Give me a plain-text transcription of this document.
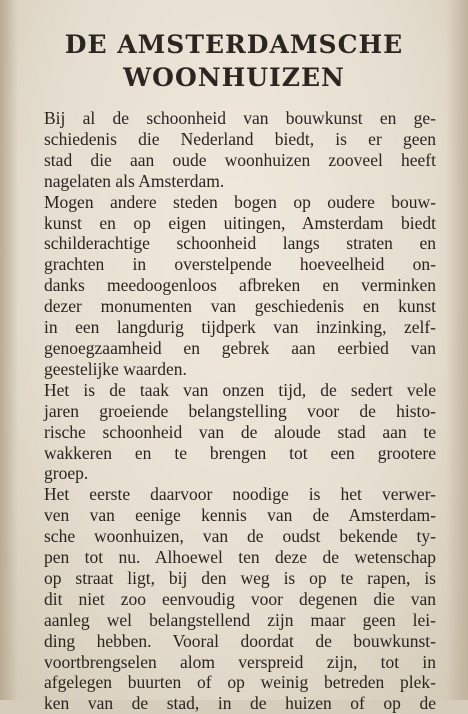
DE AMSTERDAMSCHE
WOONHUIZEN
Bij al de schoonheid van bouwkunst en ge-
schiedenis die Nederland biedt, is er geen
stad die aan oude woonhuizen zooveel heeft
nagelaten als Amsterdam.
Mogen andere steden bogen op oudere bouw-
kunst en op eigen uitingen, Amsterdam biedt
schilderachtige schoonheid langs straten en
grachten in overstelpende hoeveelheid on-
danks meedoogenloos afbreken en verminken
dezer monumenten van geschiedenis en kunst
in een langdurig tijdperk van inzinking, zelf-
genoegzaamheid en gebrek aan eerbied van
geestelijke waarden.
Het is de taak van onzen tijd, de sedert vele
jaren groeiende belangstelling voor de histo-
rische schoonheid van de aloude stad aan te
wakkeren en te brengen tot een grootere
groep.
Het eerste daarvoor noodige is het verwer-
ven van eenige kennis van de Amsterdam-
sche woonhuizen, van de oudst bekende ty-
pen tot nu. Alhoewel ten deze de wetenschap
op straat ligt, bij den weg is op te rapen, is
dit niet zoo eenvoudig voor degenen die van
aanleg wel belangstellend zijn maar geen lei-
ding hebben. Vooral doordat de bouwkunst-
voortbrengselen alom verspreid zijn, tot in
afgelegen buurten of op weinig betreden plek-
ken van de stad, in de huizen of op de
